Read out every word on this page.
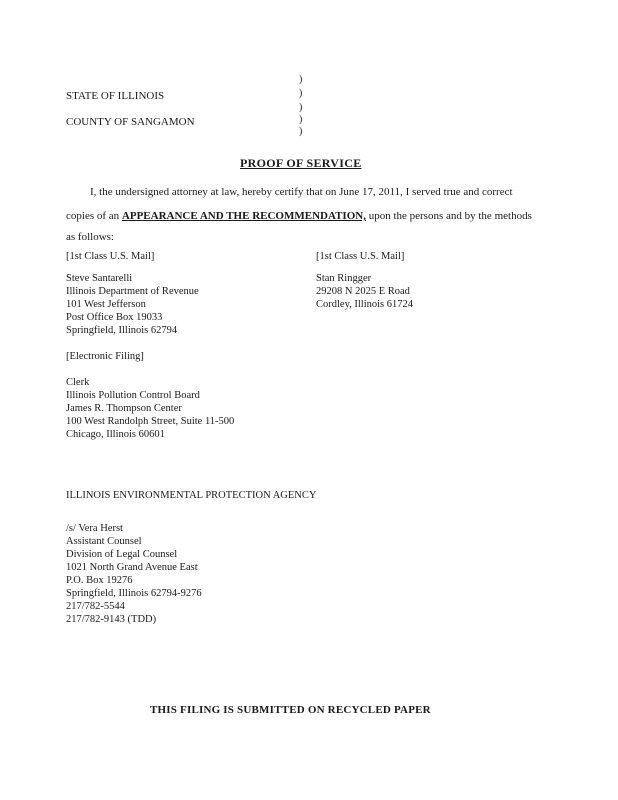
)
)
)
)
)
STATE OF ILLINOIS
COUNTY OF SANGAMON
PROOF OF SERVICE
I, the undersigned attorney at law, hereby certify that on June 17, 2011, I served true and correct
copies of an APPEARANCE AND THE RECOMMENDATION, upon the persons and by the methods
as follows:
[1st Class U.S. Mail]
Steve Santarelli
Illinois Department of Revenue
101 West Jefferson
Post Office Box 19033
Springfield, Illinois 62794
[1st Class U.S. Mail]
Stan Ringger
29208 N 2025 E Road
Cordley, Illinois 61724
[Electronic Filing]
Clerk
Illinois Pollution Control Board
James R. Thompson Center
100 West Randolph Street, Suite 11-500
Chicago, Illinois 60601
ILLINOIS ENVIRONMENTAL PROTECTION AGENCY
/s/ Vera Herst
Assistant Counsel
Division of Legal Counsel
1021 North Grand Avenue East
P.O. Box 19276
Springfield, Illinois 62794-9276
217/782-5544
217/782-9143 (TDD)
THIS FILING IS SUBMITTED ON RECYCLED PAPER
